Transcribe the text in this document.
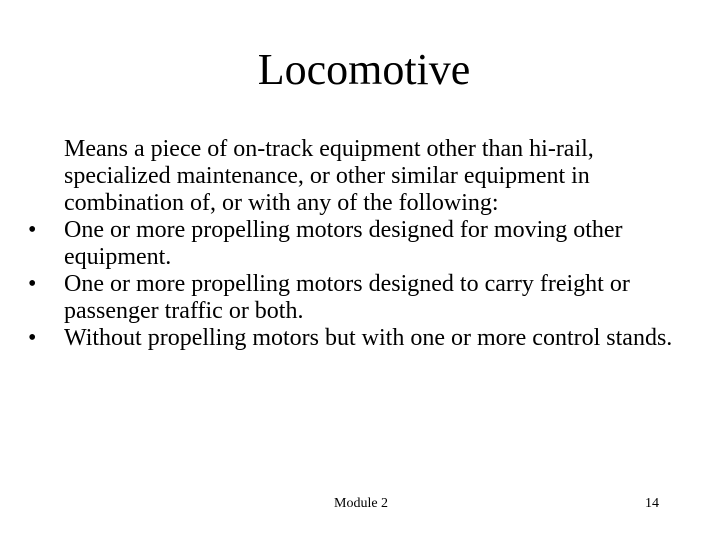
Locomotive
Means a piece of on-track equipment other than hi-rail, specialized maintenance, or other similar equipment in combination of, or with any of the following:
•	One or more propelling motors designed for moving other equipment.
•	One or more propelling motors designed to carry freight or passenger traffic or both.
•	Without propelling motors but with one or more control stands.
Module 2	14
